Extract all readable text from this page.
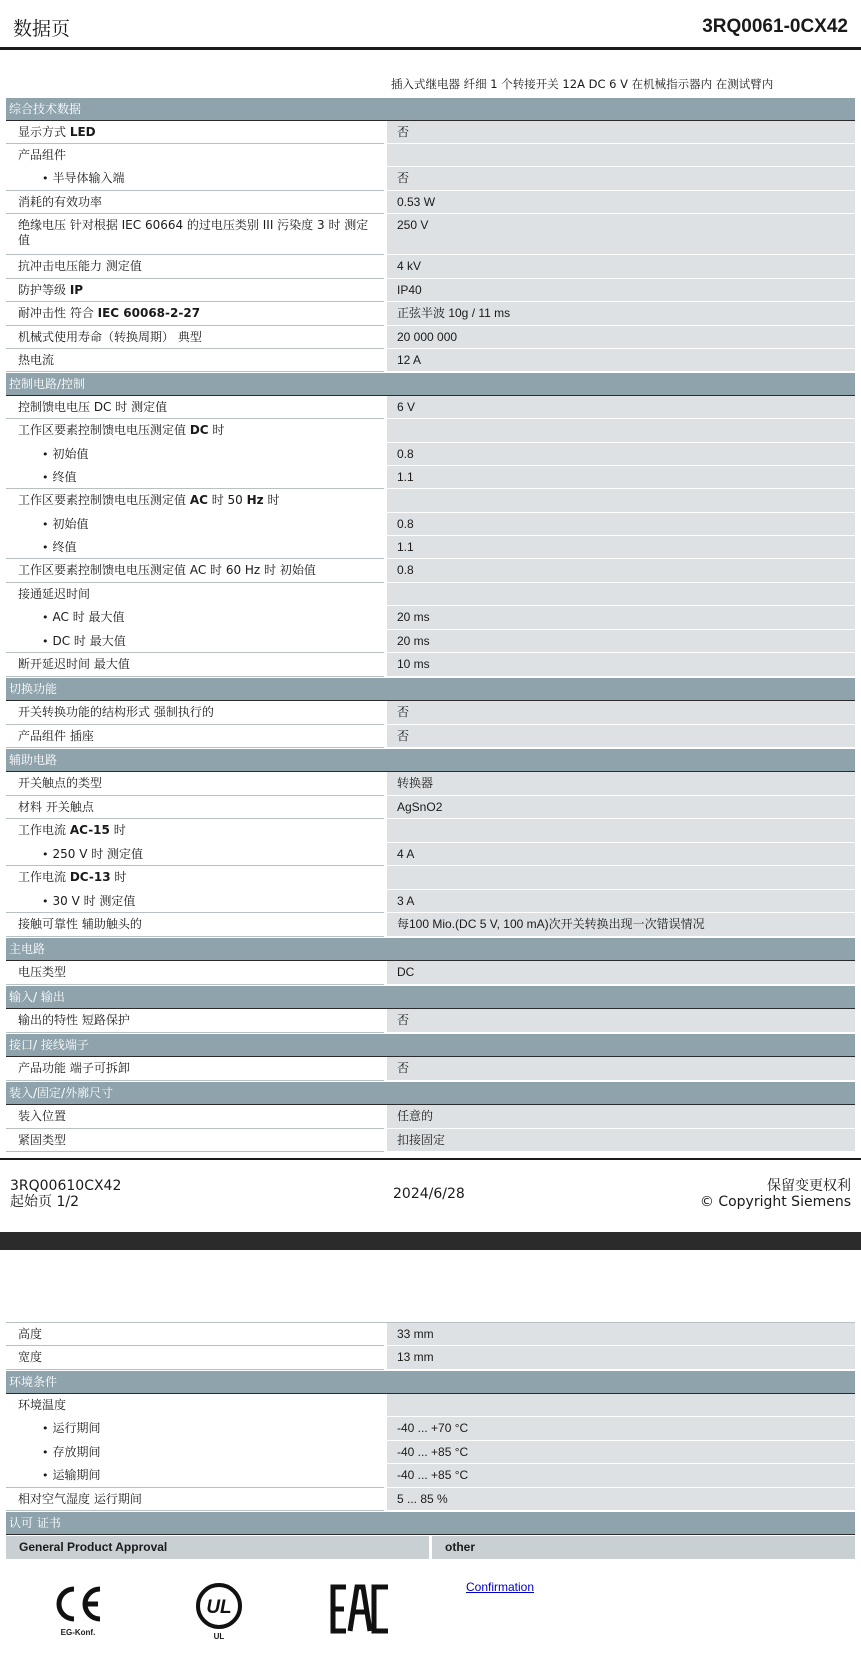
数据页	3RQ0061-0CX42
插入式继电器 纤细 1 个转接开关 12A DC 6 V 在机械指示器内 在测试臂内
综合技术数据
显示方式 LED	否
产品组件
• 半导体输入端	否
消耗的有效功率	0.53 W
绝缘电压 针对根据 IEC 60664 的过电压类别 III 污染度 3 时 测定值
250 V
抗冲击电压能力 测定值	4 kV
防护等级 IP	IP40
耐冲击性 符合 IEC 60068-2-27	正弦半波 10g / 11 ms
机械式使用寿命（转换周期） 典型	20 000 000
热电流	12 A
控制电路/控制
控制馈电电压 DC 时 测定值	6 V
工作区要素控制馈电电压测定值 DC 时
• 初始值	0.8
• 终值	1.1
工作区要素控制馈电电压测定值 AC 时 50 Hz 时
• 初始值	0.8
• 终值	1.1
工作区要素控制馈电电压测定值 AC 时 60 Hz 时 初始值	0.8
接通延迟时间
• AC 时 最大值	20 ms
• DC 时 最大值	20 ms
断开延迟时间 最大值	10 ms
切换功能
开关转换功能的结构形式 强制执行的	否
产品组件 插座	否
辅助电路
开关触点的类型	转换器
材料 开关触点	AgSnO2
工作电流 AC-15 时
• 250 V 时 测定值	4 A
工作电流 DC-13 时
• 30 V 时 测定值	3 A
接触可靠性 辅助触头的	每100 Mio.(DC 5 V, 100 mA)次开关转换出现一次错误情况
主电路
电压类型	DC
输入/ 输出
输出的特性 短路保护	否
接口/ 接线端子
产品功能 端子可拆卸	否
装入/固定/外廓尺寸
装入位置	任意的
紧固类型	扣接固定
3RQ00610CX42
起始页 1/2	2024/6/28	保留变更权利
© Copyright Siemens
高度	33 mm
宽度	13 mm
环境条件
环境温度
• 运行期间	-40 ... +70 °C
• 存放期间	-40 ... +85 °C
• 运输期间	-40 ... +85 °C
相对空气湿度 运行期间	5 ... 85 %
认可 证书
General Product Approval	other
EG-Konf.
UL
UL
Confirmation
